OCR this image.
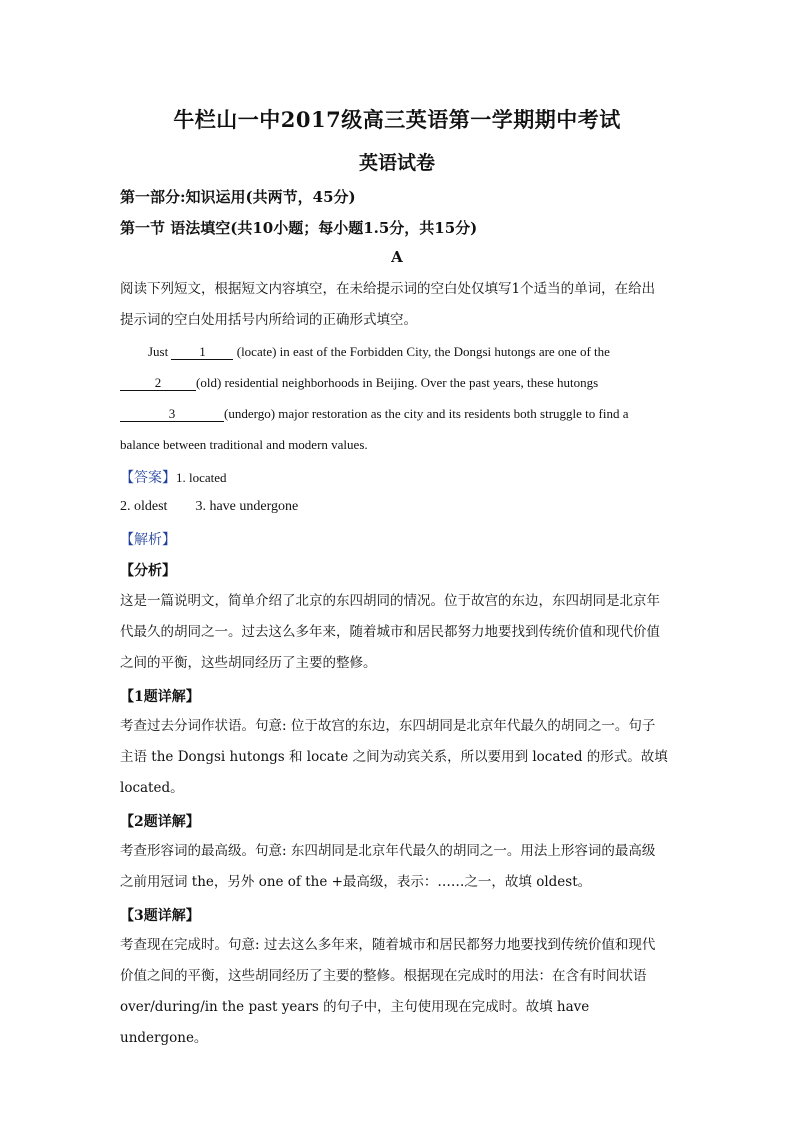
牛栏山一中2017级高三英语第一学期期中考试
英语试卷
第一部分:知识运用(共两节，45分)
第一节 语法填空(共10小题；每小题1.5分，共15分)
A
阅读下列短文，根据短文内容填空，在未给提示词的空白处仅填写1个适当的单词，在给出
提示词的空白处用括号内所给词的正确形式填空。
Just 1 (locate) in east of the Forbidden City, the Dongsi hutongs are one of the
2	(old) residential neighborhoods in Beijing. Over the past years, these hutongs
3	(undergo) major restoration as the city and its residents both struggle to find a
balance between traditional and modern values.
【答案】1. located
2. oldest 3. have undergone
【解析】
【分析】
这是一篇说明文，简单介绍了北京的东四胡同的情况。位于故宫的东边，东四胡同是北京年
代最久的胡同之一。过去这么多年来，随着城市和居民都努力地要找到传统价值和现代价值
之间的平衡，这些胡同经历了主要的整修。
【1题详解】
考查过去分词作状语。句意: 位于故宫的东边，东四胡同是北京年代最久的胡同之一。句子
主语 the Dongsi hutongs 和 locate 之间为动宾关系，所以要用到 located 的形式。故填
located。
【2题详解】
考查形容词的最高级。句意: 东四胡同是北京年代最久的胡同之一。用法上形容词的最高级
之前用冠词 the，另外 one of the +最高级，表示：……之一，故填 oldest。
【3题详解】
考查现在完成时。句意: 过去这么多年来，随着城市和居民都努力地要找到传统价值和现代
价值之间的平衡，这些胡同经历了主要的整修。根据现在完成时的用法：在含有时间状语
over/during/in the past years 的句子中，主句使用现在完成时。故填 have undergone。
